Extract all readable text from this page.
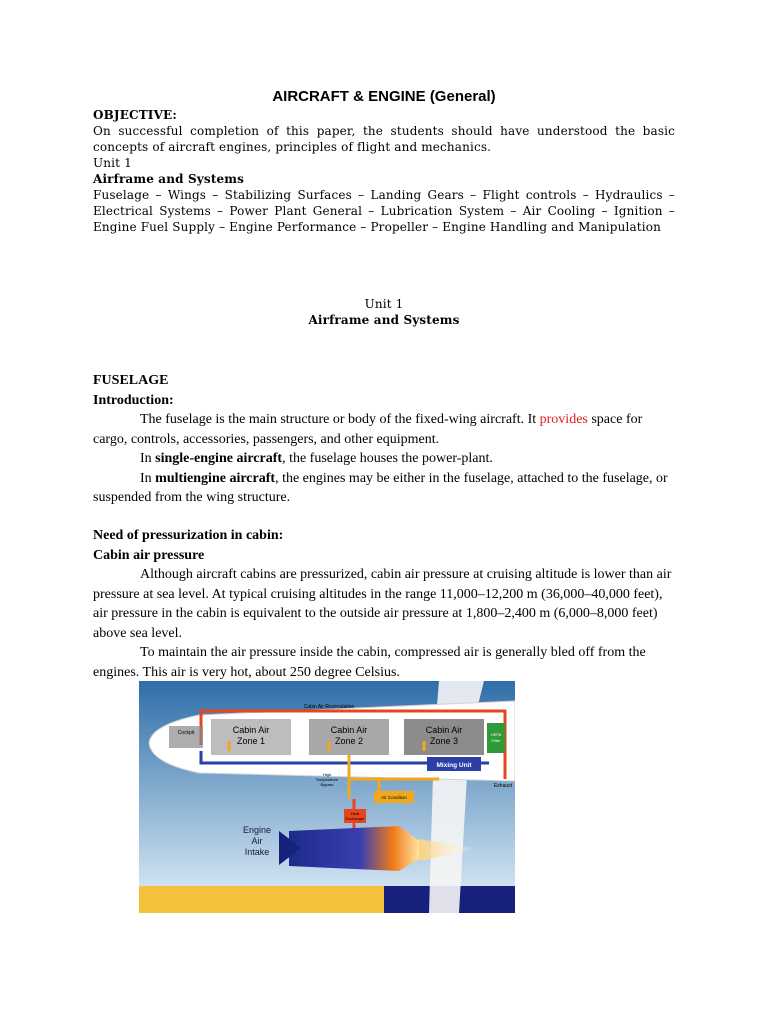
AIRCRAFT & ENGINE (General)
OBJECTIVE:
On successful completion of this paper, the students should have understood the basic concepts of aircraft engines, principles of flight and mechanics.
Unit 1
Airframe and Systems
Fuselage – Wings – Stabilizing Surfaces – Landing Gears – Flight controls – Hydraulics – Electrical Systems – Power Plant General – Lubrication System – Air Cooling – Ignition – Engine Fuel Supply – Engine Performance – Propeller – Engine Handling and Manipulation
Unit 1
Airframe and Systems
FUSELAGE
Introduction:

The fuselage is the main structure or body of the fixed-wing aircraft. It provides space for cargo, controls, accessories, passengers, and other equipment.

In single-engine aircraft, the fuselage houses the power-plant.

In multiengine aircraft, the engines may be either in the fuselage, attached to the fuselage, or suspended from the wing structure.

Need of pressurization in cabin:
Cabin air pressure

Although aircraft cabins are pressurized, cabin air pressure at cruising altitude is lower than air pressure at sea level. At typical cruising altitudes in the range 11,000–12,200 m (36,000–40,000 feet), air pressure in the cabin is equivalent to the outside air pressure at 1,800–2,400 m (6,000–8,000 feet) above sea level.

To maintain the air pressure inside the cabin, compressed air is generally bled off from the engines. This air is very hot, about 250 degree Celsius.

Cabin Air Recirculation
Cockpit	Cabin Air
Zone 1
Cabin Air
Zone 2
Cabin Air
Zone 3
HEPA
Filter
Mixing Unit
Exhaust
High
Temperature
Bypass
Air Condition
Heat
Exchanger
Engine
Air
Intake
